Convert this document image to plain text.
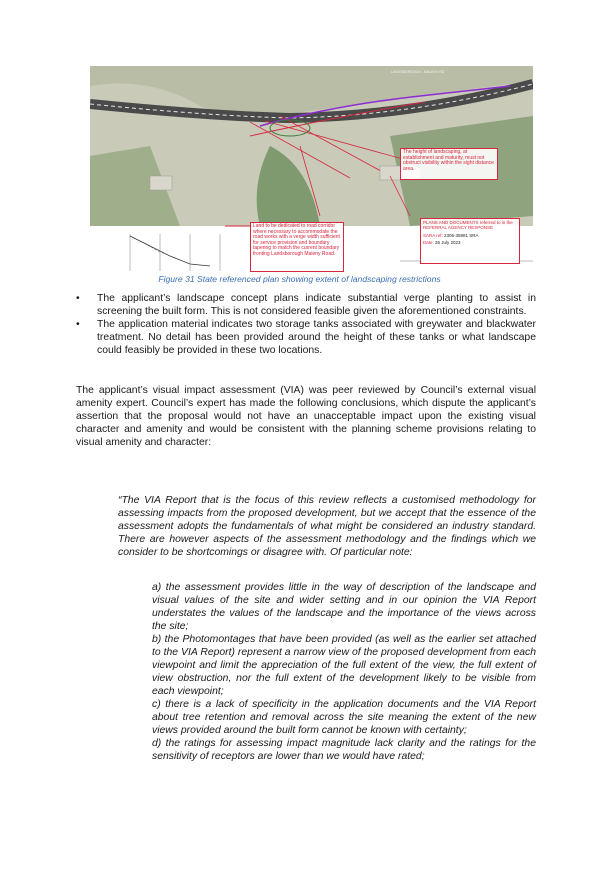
The height of landscaping, at establishment and maturity, must not obstruct visibility within the sight distance area.
Land to be dedicated to road corridor where necessary to accommodate the road works with a verge width sufficient for service provision and boundary tapering to match the current boundary fronting Landsborough Maleny Road.
PLANS AND DOCUMENTS referred to in the REFERRAL AGENCY RESPONSE
SARA ref: 2306-35981 SRA
Date: 26 July 2023
LANDSBOROUGH - MALENY RD
Figure 31 State referenced plan showing extent of landscaping restrictions
• The applicant’s landscape concept plans indicate substantial verge planting to assist in screening the built form. This is not considered feasible given the aforementioned constraints.
• The application material indicates two storage tanks associated with greywater and blackwater treatment. No detail has been provided around the height of these tanks or what landscape could feasibly be provided in these two locations.

The applicant’s visual impact assessment (VIA) was peer reviewed by Council’s external visual amenity expert. Council’s expert has made the following conclusions, which dispute the applicant’s assertion that the proposal would not have an unacceptable impact upon the existing visual character and amenity and would be consistent with the planning scheme provisions relating to visual amenity and character:

“The VIA Report that is the focus of this review reflects a customised methodology for assessing impacts from the proposed development, but we accept that the essence of the assessment adopts the fundamentals of what might be considered an industry standard. There are however aspects of the assessment methodology and the findings which we consider to be shortcomings or disagree with. Of particular note:

a) the assessment provides little in the way of description of the landscape and visual values of the site and wider setting and in our opinion the VIA Report understates the values of the landscape and the importance of the views across the site;
b) the Photomontages that have been provided (as well as the earlier set attached to the VIA Report) represent a narrow view of the proposed development from each viewpoint and limit the appreciation of the full extent of the view, the full extent of view obstruction, nor the full extent of the development likely to be visible from each viewpoint;
c) there is a lack of specificity in the application documents and the VIA Report about tree retention and removal across the site meaning the extent of the new views provided around the built form cannot be known with certainty;
d) the ratings for assessing impact magnitude lack clarity and the ratings for the sensitivity of receptors are lower than we would have rated;
